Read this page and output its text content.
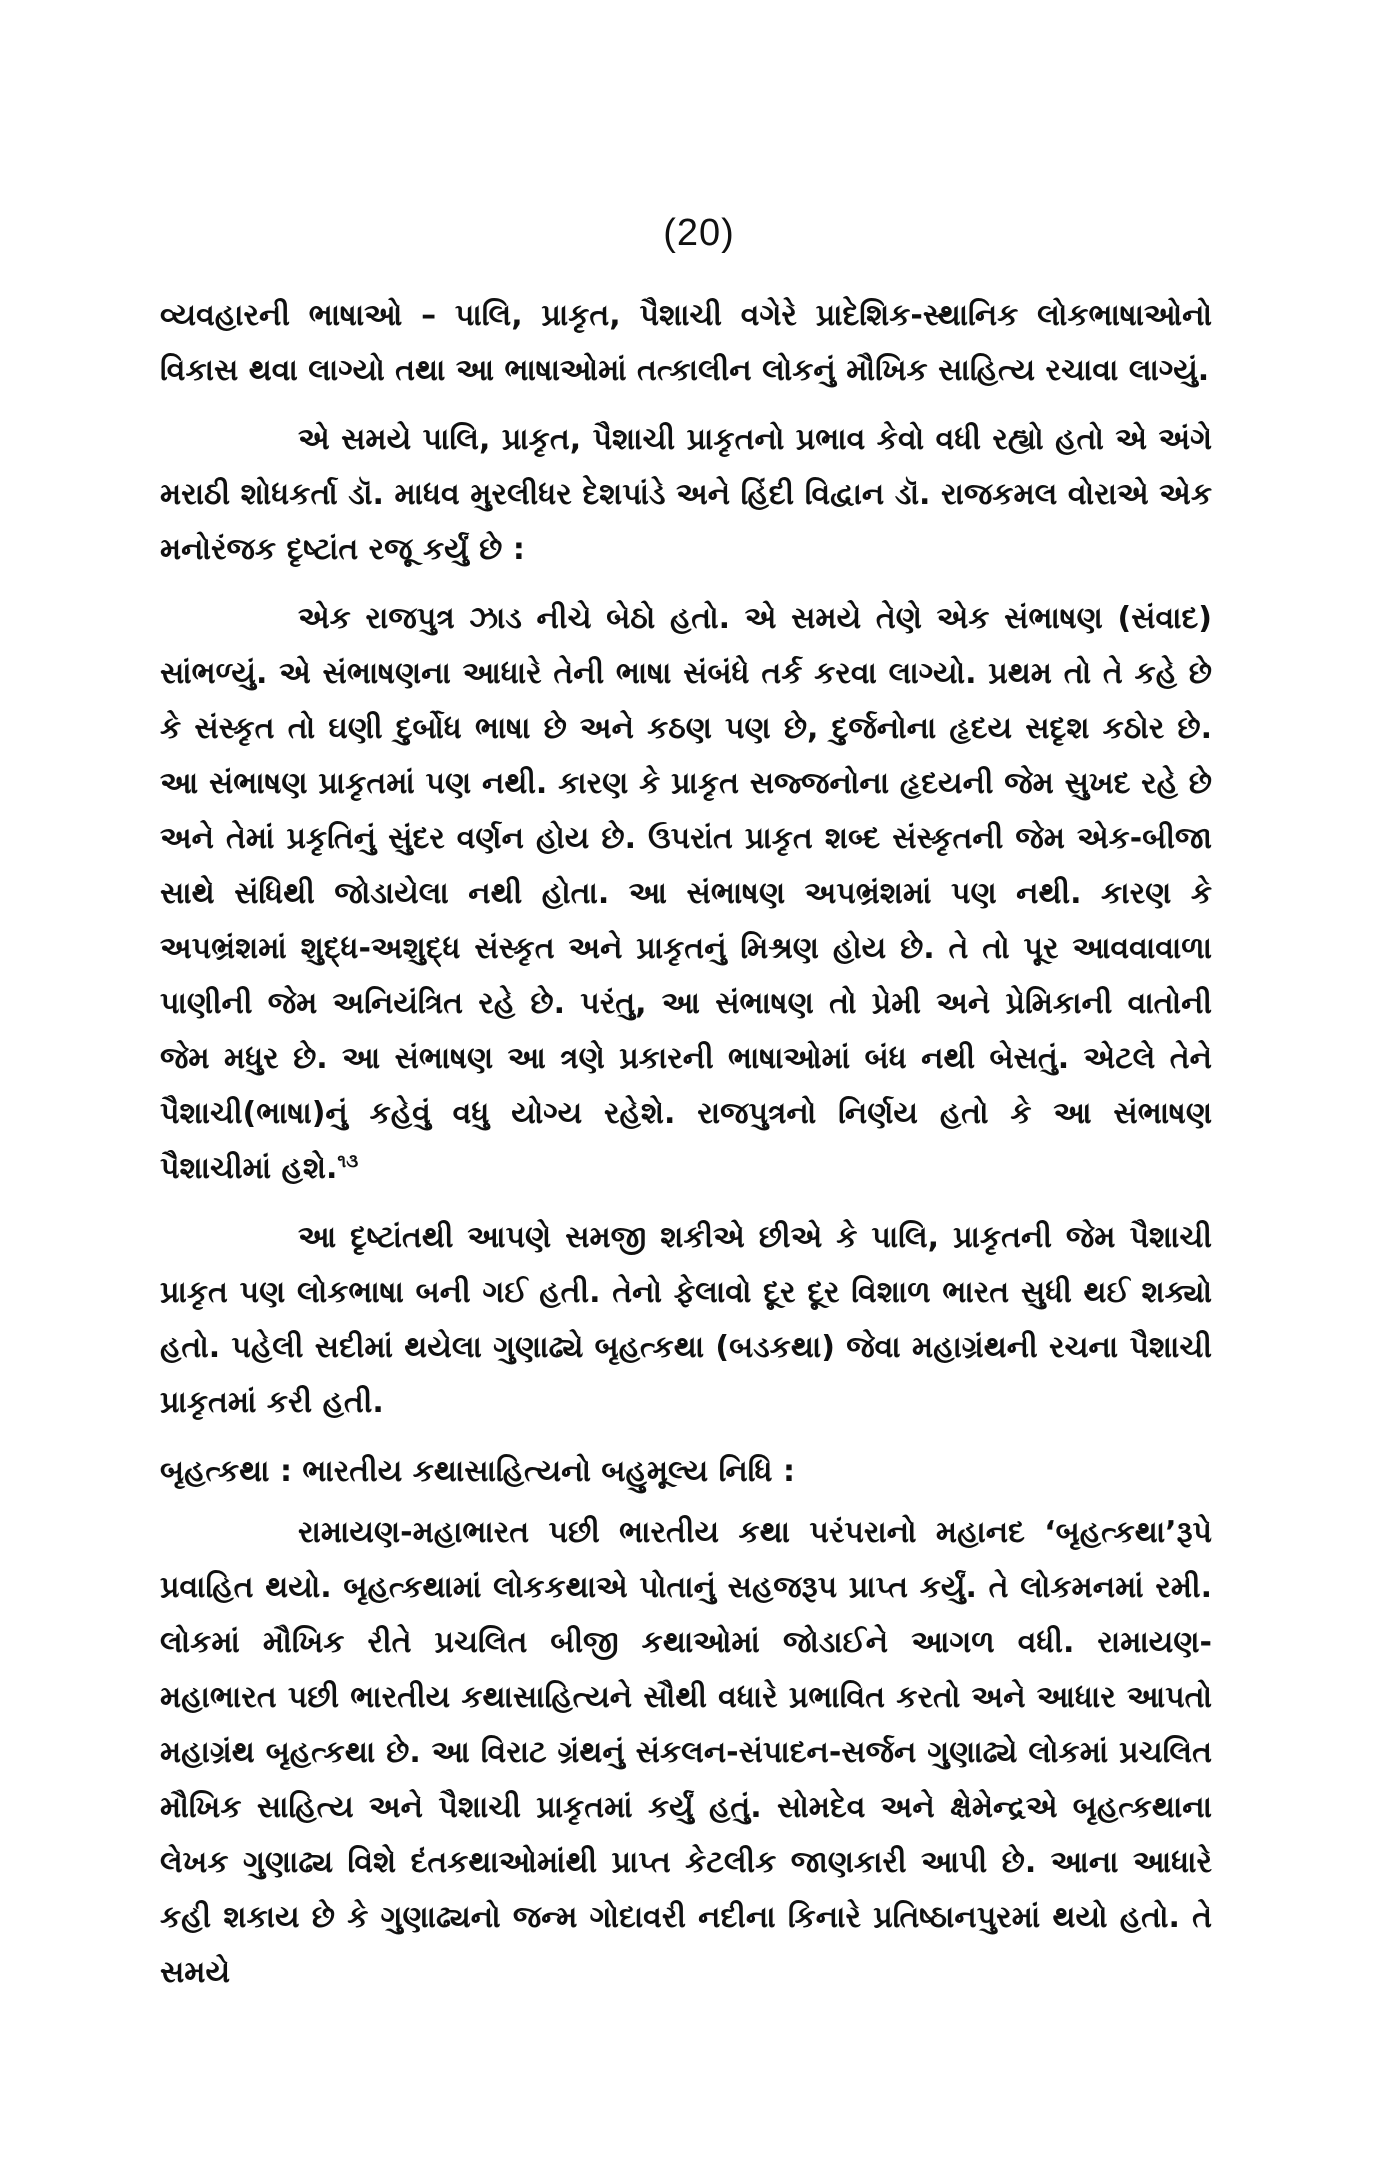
(20)

વ્યવહારની ભાષાઓ – પાલિ, પ્રાકૃત, પૈશાચી વગેરે પ્રાદેશિક-સ્થાનિક લોકભાષાઓનો વિકાસ થવા લાગ્યો તથા આ ભાષાઓમાં તત્કાલીન લોકનું મૌખિક સાહિત્ય રચાવા લાગ્યું.

એ સમયે પાલિ, પ્રાકૃત, પૈશાચી પ્રાકૃતનો પ્રભાવ કેવો વધી રહ્યો હતો એ અંગે મરાઠી શોધકર્તા ડૉ. માધવ મુરલીધર દેશપાંડે અને હિંદી વિદ્વાન ડૉ. રાજકમલ વોરાએ એક મનોરંજક દૃષ્ટાંત રજૂ કર્યું છે :

એક રાજપુત્ર ઝાડ નીચે બેઠો હતો. એ સમયે તેણે એક સંભાષણ (સંવાદ) સાંભળ્યું. એ સંભાષણના આધારે તેની ભાષા સંબંધે તર્ક કરવા લાગ્યો. પ્રથમ તો તે કહે છે કે સંસ્કૃત તો ઘણી દુર્બોધ ભાષા છે અને કઠણ પણ છે, દુર્જનોના હૃદય સદૃશ કઠોર છે. આ સંભાષણ પ્રાકૃતમાં પણ નથી. કારણ કે પ્રાકૃત સજ્જનોના હૃદયની જેમ સુખદ રહે છે અને તેમાં પ્રકૃતિનું સુંદર વર્ણન હોય છે. ઉપરાંત પ્રાકૃત શબ્દ સંસ્કૃતની જેમ એક-બીજા સાથે સંધિથી જોડાયેલા નથી હોતા. આ સંભાષણ અપભ્રંશમાં પણ નથી. કારણ કે અપભ્રંશમાં શુદ્ધ-અશુદ્ધ સંસ્કૃત અને પ્રાકૃતનું મિશ્રણ હોય છે. તે તો પૂર આવવાવાળા પાણીની જેમ અનિયંત્રિત રહે છે. પરંતુ, આ સંભાષણ તો પ્રેમી અને પ્રેમિકાની વાતોની જેમ મધુર છે. આ સંભાષણ આ ત્રણે પ્રકારની ભાષાઓમાં બંધ નથી બેસતું. એટલે તેને પૈશાચી(ભાષા)નું કહેવું વધુ યોગ્ય રહેશે. રાજપુત્રનો નિર્ણય હતો કે આ સંભાષણ પૈશાચીમાં હશે.$^{૧૩}$

આ દૃષ્ટાંતથી આપણે સમજી શકીએ છીએ કે પાલિ, પ્રાકૃતની જેમ પૈશાચી પ્રાકૃત પણ લોકભાષા બની ગઈ હતી. તેનો ફેલાવો દૂર દૂર વિશાળ ભારત સુધી થઈ શક્યો હતો. પહેલી સદીમાં થયેલા ગુણાઢ્યે બૃહત્કથા (બડકથા) જેવા મહાગ્રંથની રચના પૈશાચી પ્રાકૃતમાં કરી હતી.

બૃહત્કથા : ભારતીય કથાસાહિત્યનો બહુમૂલ્ય નિધિ :

રામાયણ-મહાભારત પછી ભારતીય કથા પરંપરાનો મહાનદ ‘બૃહત્કથા’રૂપે પ્રવાહિત થયો. બૃહત્કથામાં લોકકથાએ પોતાનું સહજરૂપ પ્રાપ્ત કર્યું. તે લોકમનમાં રમી. લોકમાં મૌખિક રીતે પ્રચલિત બીજી કથાઓમાં જોડાઈને આગળ વધી. રામાયણ-મહાભારત પછી ભારતીય કથાસાહિત્યને સૌથી વધારે પ્રભાવિત કરતો અને આધાર આપતો મહાગ્રંથ બૃહત્કથા છે. આ વિરાટ ગ્રંથનું સંકલન-સંપાદન-સર્જન ગુણાઢ્યે લોકમાં પ્રચલિત મૌખિક સાહિત્ય અને પૈશાચી પ્રાકૃતમાં કર્યું હતું. સોમદેવ અને ક્ષેમેન્દ્રએ બૃહત્કથાના લેખક ગુણાઢ્ય વિશે દંતકથાઓમાંથી પ્રાપ્ત કેટલીક જાણકારી આપી છે. આના આધારે કહી શકાય છે કે ગુણાઢ્યનો જન્મ ગોદાવરી નદીના કિનારે પ્રતિષ્ઠાનપુરમાં થયો હતો. તે સમયે
